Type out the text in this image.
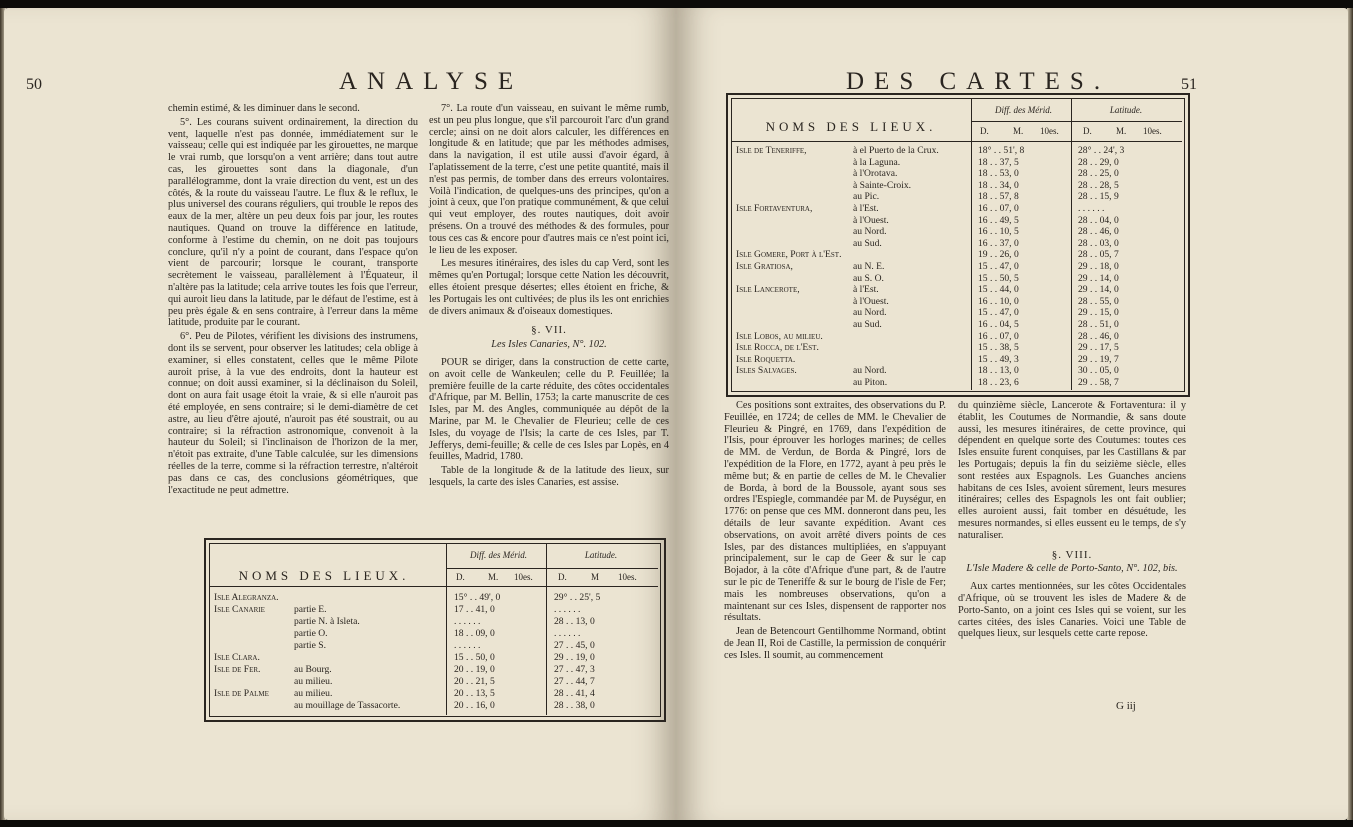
50	ANALYSE

chemin estimé, & les diminuer dans le second.

5°. Les courans suivent ordinairement, la direction du vent, laquelle n'est pas donnée, immédiatement sur le vaisseau; celle qui est indiquée par les girouettes, ne marque le vrai rumb, que lorsqu'on a vent arrière; dans tout autre cas, les girouettes sont dans la diagonale, d'un parallélogramme, dont la vraie direction du vent, est un des côtés, & la route du vaisseau l'autre. Le flux & le reflux, le plus universel des courans réguliers, qui trouble le repos des eaux de la mer, altère un peu deux fois par jour, les routes nautiques. Quand on trouve la différence en latitude, conforme à l'estime du chemin, on ne doit pas toujours conclure, qu'il n'y a point de courant, dans l'espace qu'on vient de parcourir; lorsque le courant, transporte secrètement le vaisseau, parallèlement à l'Équateur, il n'altère pas la latitude; cela arrive toutes les fois que l'erreur, qui auroit lieu dans la latitude, par le défaut de l'estime, est à peu près égale & en sens contraire, à l'erreur dans la même latitude, produite par le courant.

6°. Peu de Pilotes, vérifient les divisions des instrumens, dont ils se servent, pour observer les latitudes; cela oblige à examiner, si elles constatent, celles que le même Pilote auroit prise, à la vue des endroits, dont la hauteur est connue; on doit aussi examiner, si la déclinaison du Soleil, dont on aura fait usage étoit la vraie, & si elle n'auroit pas été employée, en sens contraire; si le demi-diamètre de cet astre, au lieu d'être ajouté, n'auroit pas été soustrait, ou au contraire; si la réfraction astronomique, convenoit à la hauteur du Soleil; si l'inclinaison de l'horizon de la mer, n'étoit pas extraite, d'une Table calculée, sur les dimensions réelles de la terre, comme si la réfraction terrestre, n'altéroit pas dans ce cas, des conclusions géométriques, que l'exactitude ne peut admettre.

7°. La route d'un vaisseau, en suivant le même rumb, est un peu plus longue, que s'il parcouroit l'arc d'un grand cercle; ainsi on ne doit alors calculer, les différences en longitude & en latitude; que par les méthodes admises, dans la navigation, il est utile aussi d'avoir égard, à l'aplatissement de la terre, c'est une petite quantité, mais il n'est pas permis, de tomber dans des erreurs volontaires. Voilà l'indication, de quelques-uns des principes, qu'on a joint à ceux, que l'on pratique communément, & que celui qui veut employer, des routes nautiques, doit avoir présens. On a trouvé des méthodes & des formules, pour tous ces cas & encore pour d'autres mais ce n'est point ici, le lieu de les exposer.

Les mesures itinéraires, des isles du cap Verd, sont les mêmes qu'en Portugal; lorsque cette Nation les découvrit, elles étoient presque désertes; elles étoient en friche, & les Portugais les ont cultivées; de plus ils les ont enrichies de divers animaux & d'oiseaux domestiques.

§. VII.
Les Isles Canaries, N°. 102.

POUR se diriger, dans la construction de cette carte, on avoit celle de Wankeulen; celle du P. Feuillée; la première feuille de la carte réduite, des côtes occidentales d'Afrique, par M. Bellin, 1753; la carte manuscrite de ces Isles, par M. des Angles, communiquée au dépôt de la Marine, par M. le Chevalier de Fleurieu; celle de ces Isles, du voyage de l'Isis; la carte de ces Isles, par T. Jefferys, demi-feuille; & celle de ces Isles par Lopès, en 4 feuilles, Madrid, 1780.

Table de la longitude & de la latitude des lieux, sur lesquels, la carte des isles Canaries, est assise.

NOMS DES LIEUX.
Diff. des Mérid.	Latitude.
D.	M. 10es.	D.	M 10es.
Isle Alegranza.	15° . . 49', 0	29° . . 25', 5
Isle Canarie	partie E.	17 . . 41, 0	. . . . . .
partie N. à Isleta.	. . . . . .	28 . . 13, 0
partie O.	18 . . 09, 0	. . . . . .
partie S.	. . . . . .	27 . . 45, 0
Isle Clara.	15 . . 50, 0	29 . . 19, 0
Isle de Fer.	au Bourg.	20 . . 19, 0	27 . . 47, 3
au milieu.	20 . . 21, 5	27 . . 44, 7
Isle de Palme	au milieu.	20 . . 13, 5	28 . . 41, 4
au mouillage de Tassacorte.	20 . . 16, 0	28 . . 38, 0
DES CARTES.	51
NOMS DES LIEUX.
Diff. des Mérid.	Latitude.
D.	M. 10es.	D.	M. 10es.
Isle de Teneriffe,	à el Puerto de la Crux.	18° . . 51', 8	28° . . 24', 3
à la Laguna.	18 . . 37, 5	28 . . 29, 0
à l'Orotava.	18 . . 53, 0	28 . . 25, 0
à Sainte-Croix.	18 . . 34, 0	28 . . 28, 5
au Pic.	18 . . 57, 8	28 . . 15, 9
Isle Fortaventura,	à l'Est.	16 . . 07, 0	. . . . . .
à l'Ouest.	16 . . 49, 5	28 . . 04, 0
au Nord.	16 . . 10, 5	28 . . 46, 0
au Sud.	16 . . 37, 0	28 . . 03, 0
Isle Gomere, Port à l'Est.	19 . . 26, 0	28 . . 05, 7
Isle Gratiosa,	au N. E.	15 . . 47, 0	29 . . 18, 0
au S. O.	15 . . 50, 5	29 . . 14, 0
Isle Lancerote,	à l'Est.	15 . . 44, 0	29 . . 14, 0
à l'Ouest.	16 . . 10, 0	28 . . 55, 0
au Nord.	15 . . 47, 0	29 . . 15, 0
au Sud.	16 . . 04, 5	28 . . 51, 0
Isle Lobos, au milieu.	16 . . 07, 0	28 . . 46, 0
Isle Rocca, de l'Est.	15 . . 38, 5	29 . . 17, 5
Isle Roquetta.	15 . . 49, 3	29 . . 19, 7
Isles Salvages.	au Nord.	18 . . 13, 0	30 . . 05, 0
au Piton.	18 . . 23, 6	29 . . 58, 7

Ces positions sont extraites, des observations du P. Feuillée, en 1724; de celles de MM. le Chevalier de Fleurieu & Pingré, en 1769, dans l'expédition de l'Isis, pour éprouver les horloges marines; de celles de MM. de Verdun, de Borda & Pingré, lors de l'expédition de la Flore, en 1772, ayant à peu près le même but; & en partie de celles de M. le Chevalier de Borda, à bord de la Boussole, ayant sous ses ordres l'Espiegle, commandée par M. de Puységur, en 1776: on pense que ces MM. donneront dans peu, les détails de leur savante expédition. Avant ces observations, on avoit arrêté divers points de ces Isles, par des distances multipliées, en s'appuyant principalement, sur le cap de Geer & sur le cap Bojador, à la côte d'Afrique d'une part, & de l'autre sur le pic de Teneriffe & sur le bourg de l'isle de Fer; mais les nombreuses observations, qu'on a maintenant sur ces Isles, dispensent de rapporter nos résultats.

Jean de Betencourt Gentilhomme Normand, obtint de Jean II, Roi de Castille, la permission de conquérir ces Isles. Il soumit, au commencement

du quinzième siècle, Lancerote & Fortaventura: il y établit, les Coutumes de Normandie, & sans doute aussi, les mesures itinéraires, de cette province, qui dépendent en quelque sorte des Coutumes: toutes ces Isles ensuite furent conquises, par les Castillans & par les Portugais; depuis la fin du seizième siècle, elles sont restées aux Espagnols. Les Guanches anciens habitans de ces Isles, avoient sûrement, leurs mesures itinéraires; celles des Espagnols les ont fait oublier; elles auroient aussi, fait tomber en désuétude, les mesures normandes, si elles eussent eu le temps, de s'y naturaliser.

§. VIII.
L'Isle Madere & celle de Porto-Santo, N°. 102, bis.

Aux cartes mentionnées, sur les côtes Occidentales d'Afrique, où se trouvent les isles de Madere & de Porto-Santo, on a joint ces Isles qui se voient, sur les cartes citées, des isles Canaries. Voici une Table de quelques lieux, sur lesquels cette carte repose.

G iij
